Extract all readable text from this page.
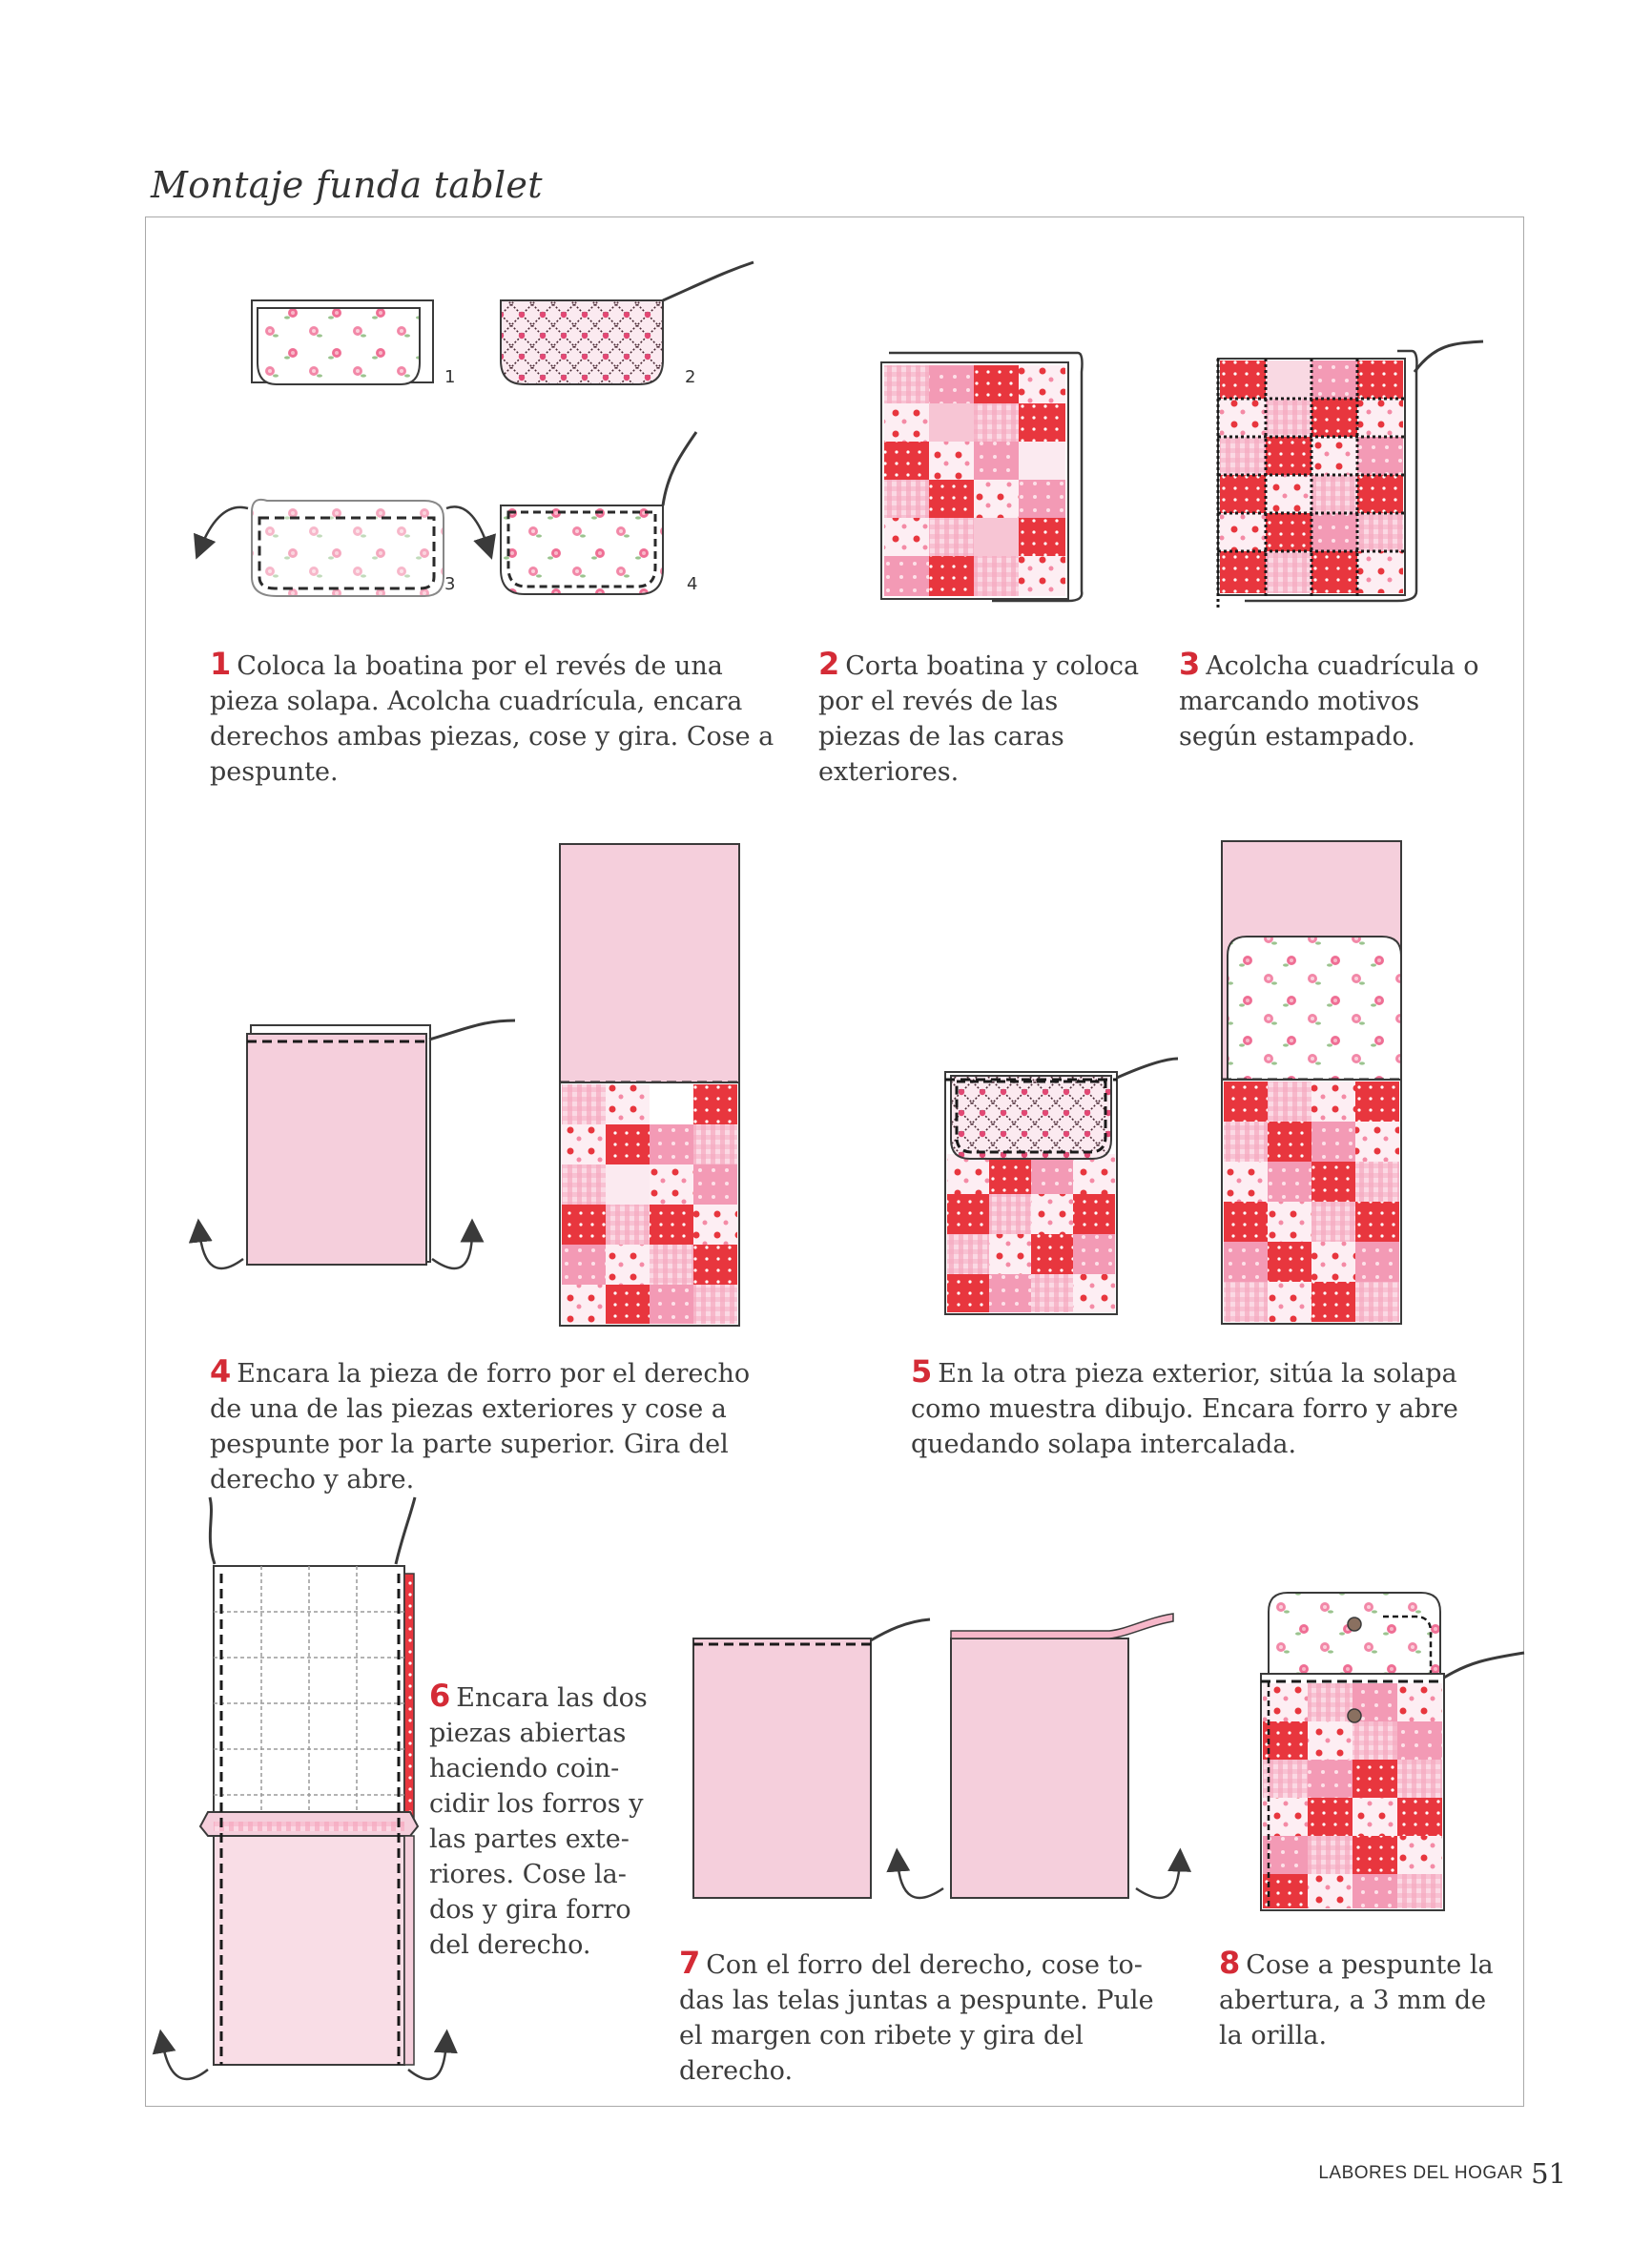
Montaje funda tablet
1	2
3	4
1 Coloca la boatina por el revés de una pieza solapa. Acolcha cuadrícula, encara derechos ambas piezas, cose y gira. Cose a pespunte.
2 Corta boatina y coloca por el revés de las piezas de las caras exteriores.
3 Acolcha cuadrícula o marcando motivos según estampado.
4 Encara la pieza de forro por el derecho de una de las piezas exteriores y cose a pespunte por la parte superior. Gira del derecho y abre.
5 En la otra pieza exterior, sitúa la solapa como muestra dibujo. Encara forro y abre quedando solapa intercalada.
6 Encara las dos
piezas abiertas
haciendo coin-
cidir los forros y
las partes exte-
riores. Cose la-
dos y gira forro
del derecho.	7 Con el forro del derecho, cose to-das las telas juntas a pespunte. Pule el margen con ribete y gira del derecho.
8 Cose a pespunte la abertura, a 3 mm de la orilla.
LABORES DEL HOGAR 51
